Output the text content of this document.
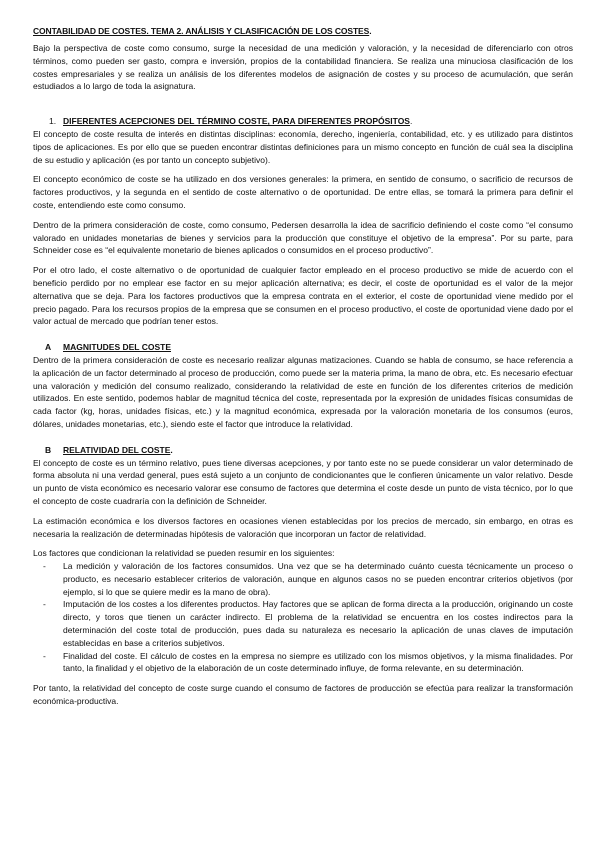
CONTABILIDAD DE COSTES. TEMA 2. ANÁLISIS Y CLASIFICACIÓN DE LOS COSTES.

Bajo la perspectiva de coste como consumo, surge la necesidad de una medición y valoración, y la necesidad de diferenciarlo con otros términos, como pueden ser gasto, compra e inversión, propios de la contabilidad financiera. Se realiza una minuciosa clasificación de los costes empresariales y se realiza un análisis de los diferentes modelos de asignación de costes y su proceso de acumulación, que serán estudiados a lo largo de toda la asignatura.

1. DIFERENTES ACEPCIONES DEL TÉRMINO COSTE, PARA DIFERENTES PROPÓSITOS.

El concepto de coste resulta de interés en distintas disciplinas: economía, derecho, ingeniería, contabilidad, etc. y es utilizado para distintos tipos de aplicaciones. Es por ello que se pueden encontrar distintas definiciones para un mismo concepto en función de cuál sea la disciplina de su estudio y aplicación (es por tanto un concepto subjetivo).

El concepto económico de coste se ha utilizado en dos versiones generales: la primera, en sentido de consumo, o sacrificio de recursos de factores productivos, y la segunda en el sentido de coste alternativo o de oportunidad. De entre ellas, se tomará la primera para definir el coste, entendiendo este como consumo.

Dentro de la primera consideración de coste, como consumo, Pedersen desarrolla la idea de sacrificio definiendo el coste como “el consumo valorado en unidades monetarias de bienes y servicios para la producción que constituye el objetivo de la empresa”. Por su parte, para Schneider cose es “el equivalente monetario de bienes aplicados o consumidos en el proceso productivo”.

Por el otro lado, el coste alternativo o de oportunidad de cualquier factor empleado en el proceso productivo se mide de acuerdo con el beneficio perdido por no emplear ese factor en su mejor aplicación alternativa; es decir, el coste de oportunidad es el valor de la mejor alternativa que se deja. Para los factores productivos que la empresa contrata en el exterior, el coste de oportunidad viene medido por el precio pagado. Para los recursos propios de la empresa que se consumen en el proceso productivo, el coste de oportunidad viene dado por el valor actual de mercado que podrían tener estos.

A	MAGNITUDES DEL COSTE

Dentro de la primera consideración de coste es necesario realizar algunas matizaciones. Cuando se habla de consumo, se hace referencia a la aplicación de un factor determinado al proceso de producción, como puede ser la materia prima, la mano de obra, etc. Es necesario efectuar una valoración y medición del consumo realizado, considerando la relatividad de este en función de los diferentes criterios de medición utilizados. En este sentido, podemos hablar de magnitud técnica del coste, representada por la expresión de unidades físicas consumidas de cada factor (kg, horas, unidades físicas, etc.) y la magnitud económica, expresada por la valoración monetaria de los consumos (euros, dólares, unidades monetarias, etc.), siendo este el factor que introduce la relatividad.

B	RELATIVIDAD DEL COSTE.

El concepto de coste es un término relativo, pues tiene diversas acepciones, y por tanto este no se puede considerar un valor determinado de forma absoluta ni una verdad general, pues está sujeto a un conjunto de condicionantes que le confieren únicamente un valor relativo. Desde un punto de vista económico es necesario valorar ese consumo de factores que determina el coste desde un punto de vista técnico, por lo que el concepto de coste cuadraría con la definición de Schneider.

La estimación económica e los diversos factores en ocasiones vienen establecidas por los precios de mercado, sin embargo, en otras es necesaria la realización de determinadas hipótesis de valoración que incorporan un factor de relatividad.

Los factores que condicionan la relatividad se pueden resumir en los siguientes:

- La medición y valoración de los factores consumidos. Una vez que se ha determinado cuánto cuesta técnicamente un proceso o producto, es necesario establecer criterios de valoración, aunque en algunos casos no se pueden encontrar criterios objetivos (por ejemplo, si lo que se quiere medir es la mano de obra).
- Imputación de los costes a los diferentes productos. Hay factores que se aplican de forma directa a la producción, originando un coste directo, y toros que tienen un carácter indirecto. El problema de la relatividad se encuentra en los costes indirectos para la determinación del coste total de producción, pues dada su naturaleza es necesario la aplicación de unas claves de imputación establecidas en base a criterios subjetivos.
- Finalidad del coste. El cálculo de costes en la empresa no siempre es utilizado con los mismos objetivos, y la misma finalidades. Por tanto, la finalidad y el objetivo de la elaboración de un coste determinado influye, de forma relevante, en su determinación.

Por tanto, la relatividad del concepto de coste surge cuando el consumo de factores de producción se efectúa para realizar la transformación económica-productiva.
